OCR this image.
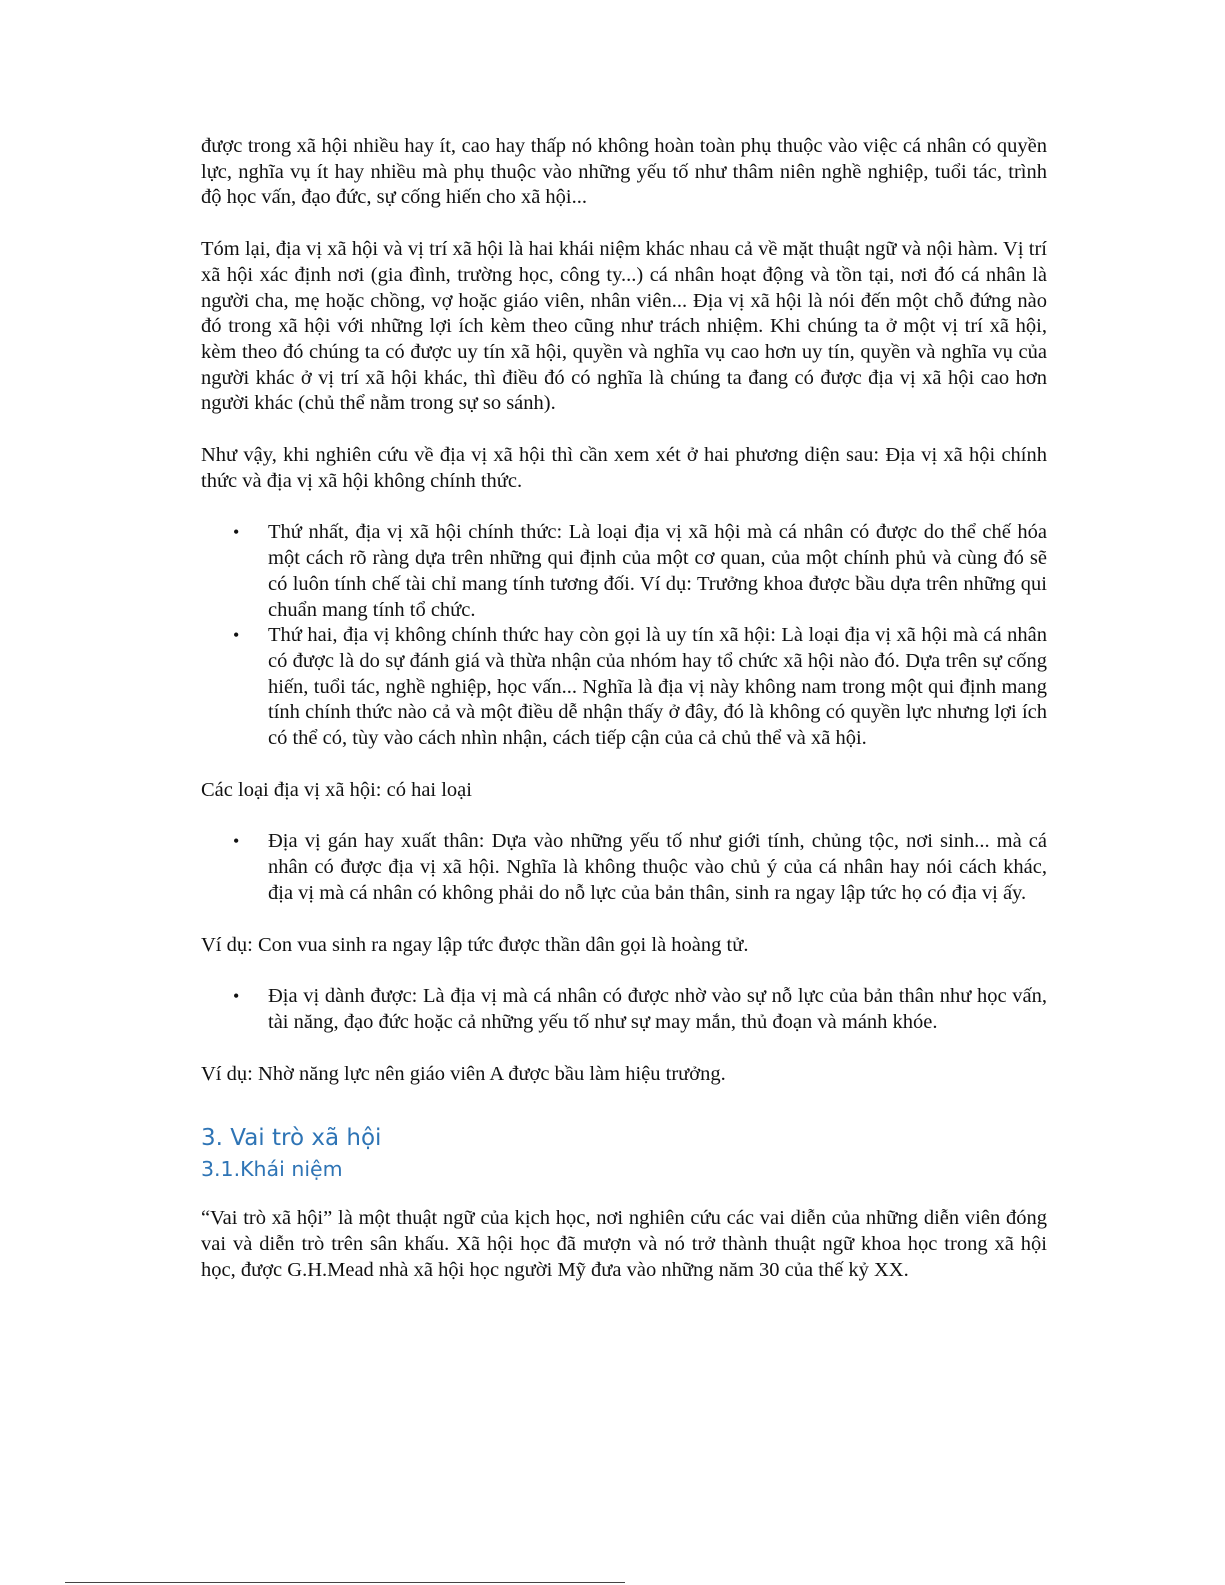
được trong xã hội nhiều hay ít, cao hay thấp nó không hoàn toàn phụ thuộc vào việc cá nhân có quyền lực, nghĩa vụ ít hay nhiều mà phụ thuộc vào những yếu tố như thâm niên nghề nghiệp, tuổi tác, trình độ học vấn, đạo đức, sự cống hiến cho xã hội...

Tóm lại, địa vị xã hội và vị trí xã hội là hai khái niệm khác nhau cả về mặt thuật ngữ và nội hàm. Vị trí xã hội xác định nơi (gia đình, trường học, công ty...) cá nhân hoạt động và tồn tại, nơi đó cá nhân là người cha, mẹ hoặc chồng, vợ hoặc giáo viên, nhân viên... Địa vị xã hội là nói đến một chỗ đứng nào đó trong xã hội với những lợi ích kèm theo cũng như trách nhiệm. Khi chúng ta ở một vị trí xã hội, kèm theo đó chúng ta có được uy tín xã hội, quyền và nghĩa vụ cao hơn uy tín, quyền và nghĩa vụ của người khác ở vị trí xã hội khác, thì điều đó có nghĩa là chúng ta đang có được địa vị xã hội cao hơn người khác (chủ thể nằm trong sự so sánh).

Như vậy, khi nghiên cứu về địa vị xã hội thì cần xem xét ở hai phương diện sau: Địa vị xã hội chính thức và địa vị xã hội không chính thức.

• Thứ nhất, địa vị xã hội chính thức: Là loại địa vị xã hội mà cá nhân có được do thể chế hóa một cách rõ ràng dựa trên những qui định của một cơ quan, của một chính phủ và cùng đó sẽ có luôn tính chế tài chỉ mang tính tương đối. Ví dụ: Trưởng khoa được bầu dựa trên những qui chuẩn mang tính tổ chức.
• Thứ hai, địa vị không chính thức hay còn gọi là uy tín xã hội: Là loại địa vị xã hội mà cá nhân có được là do sự đánh giá và thừa nhận của nhóm hay tổ chức xã hội nào đó. Dựa trên sự cống hiến, tuổi tác, nghề nghiệp, học vấn... Nghĩa là địa vị này không nam trong một qui định mang tính chính thức nào cả và một điều dễ nhận thấy ở đây, đó là không có quyền lực nhưng lợi ích có thể có, tùy vào cách nhìn nhận, cách tiếp cận của cả chủ thể và xã hội.

Các loại địa vị xã hội: có hai loại

• Địa vị gán hay xuất thân: Dựa vào những yếu tố như giới tính, chủng tộc, nơi sinh... mà cá nhân có được địa vị xã hội. Nghĩa là không thuộc vào chủ ý của cá nhân hay nói cách khác, địa vị mà cá nhân có không phải do nỗ lực của bản thân, sinh ra ngay lập tức họ có địa vị ấy.

Ví dụ: Con vua sinh ra ngay lập tức được thần dân gọi là hoàng tử.

• Địa vị dành được: Là địa vị mà cá nhân có được nhờ vào sự nỗ lực của bản thân như học vấn, tài năng, đạo đức hoặc cả những yếu tố như sự may mắn, thủ đoạn và mánh khóe.

Ví dụ: Nhờ năng lực nên giáo viên A được bầu làm hiệu trưởng.

3. Vai trò xã hội
3.1.Khái niệm

“Vai trò xã hội” là một thuật ngữ của kịch học, nơi nghiên cứu các vai diễn của những diễn viên đóng vai và diễn trò trên sân khấu. Xã hội học đã mượn và nó trở thành thuật ngữ khoa học trong xã hội học, được G.H.Mead nhà xã hội học người Mỹ đưa vào những năm 30 của thế kỷ XX.
